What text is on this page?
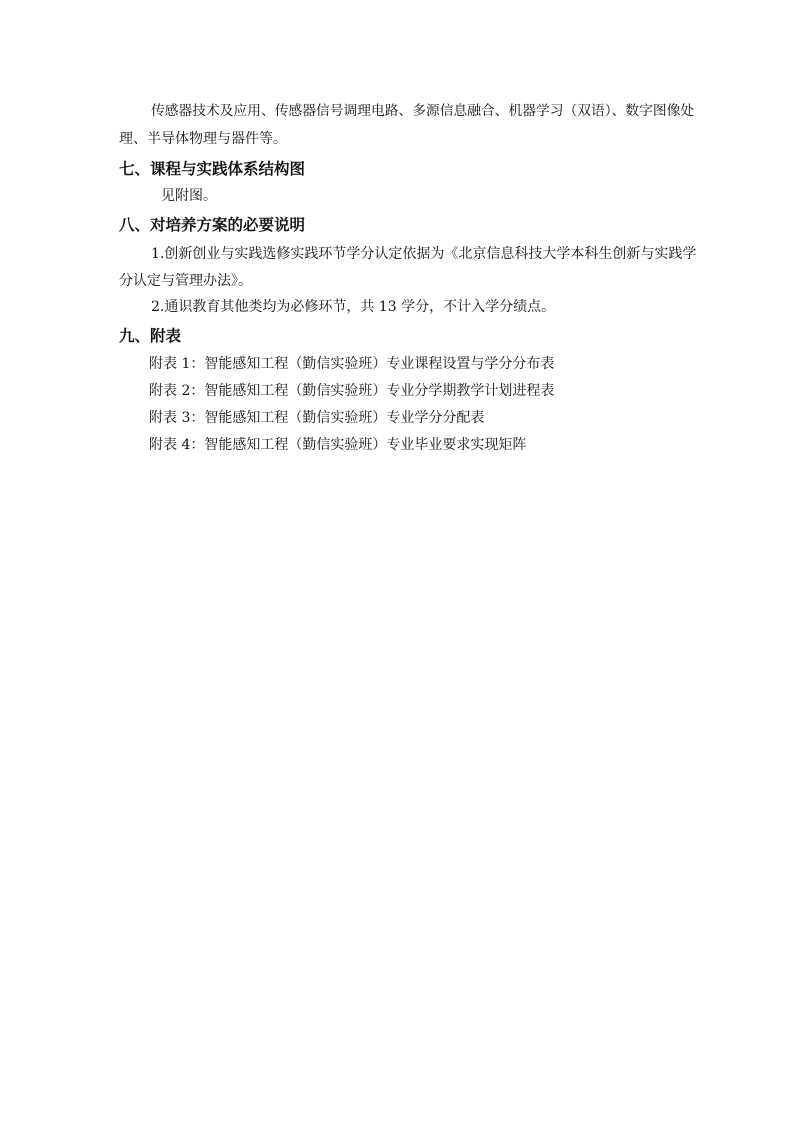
传感器技术及应用、传感器信号调理电路、多源信息融合、机器学习（双语）、数字图像处
理、半导体物理与器件等。
七、课程与实践体系结构图
见附图。
八、对培养方案的必要说明
1.创新创业与实践选修实践环节学分认定依据为《北京信息科技大学本科生创新与实践学
分认定与管理办法》。
2.通识教育其他类均为必修环节，共 13 学分，不计入学分绩点。
九、附表
附表 1：智能感知工程（勤信实验班）专业课程设置与学分分布表
附表 2：智能感知工程（勤信实验班）专业分学期教学计划进程表
附表 3：智能感知工程（勤信实验班）专业学分分配表
附表 4：智能感知工程（勤信实验班）专业毕业要求实现矩阵
